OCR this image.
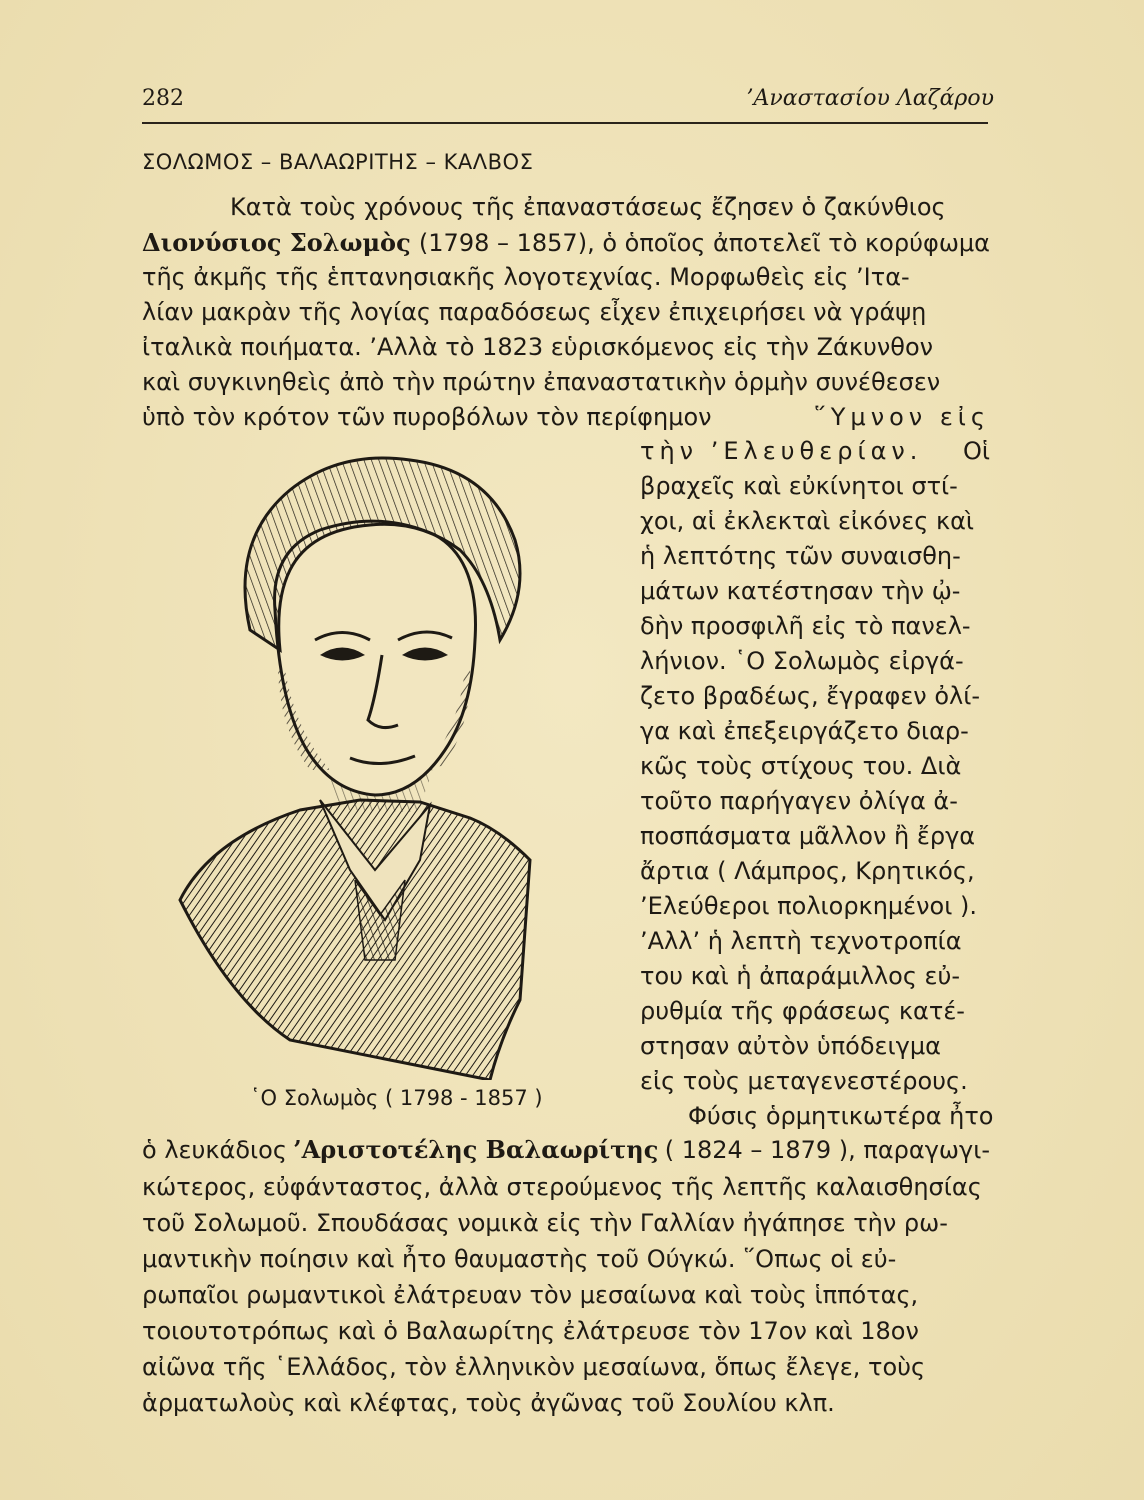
282	’Αναστασίου Λαζάρου
ΣΟΛΩΜΟΣ – ΒΑΛΑΩΡΙΤΗΣ – ΚΑΛΒΟΣ
Κατὰ τοὺς χρόνους τῆς ἐπαναστάσεως ἔζησεν ὁ ζακύνθιος
Διονύσιος Σολωμὸς (1798 – 1857), ὁ ὁποῖος ἀποτελεῖ τὸ κορύφωμα
τῆς ἀκμῆς τῆς ἑπτανησιακῆς λογοτεχνίας. Μορφωθεὶς εἰς ’Ιτα-
λίαν μακρὰν τῆς λογίας παραδόσεως εἶχεν ἐπιχειρήσει νὰ γράψῃ
ἰταλικὰ ποιήματα. ’Αλλὰ τὸ 1823 εὑρισκόμενος εἰς τὴν Ζάκυνθον
καὶ συγκινηθεὶς ἀπὸ τὴν πρώτην ἐπαναστατικὴν ὁρμὴν συνέθεσεν
ὑπὸ τὸν κρότον τῶν πυροβόλων τὸν περίφημον	῞Υμνον εἰς
τὴν ’Ελευθερίαν. Οἱ
βραχεῖς καὶ εὐκίνητοι στί-
χοι, αἱ ἐκλεκταὶ εἰκόνες καὶ
ἡ λεπτότης τῶν συναισθη-
μάτων κατέστησαν τὴν ᾠ-
δὴν προσφιλῆ εἰς τὸ πανελ-
λήνιον. ῾Ο Σολωμὸς εἰργά-
ζετο βραδέως, ἔγραφεν ὀλί-
γα καὶ ἐπεξειργάζετο διαρ-
κῶς τοὺς στίχους του. Διὰ
τοῦτο παρήγαγεν ὀλίγα ἀ-
ποσπάσματα μᾶλλον ἢ ἔργα
ἄρτια ( Λάμπρος, Κρητικός,
’Ελεύθεροι πολιορκημένοι ).
’Αλλ’ ἡ λεπτὴ τεχνοτροπία
του καὶ ἡ ἀπαράμιλλος εὐ-
ρυθμία τῆς φράσεως κατέ-
στησαν αὐτὸν ὑπόδειγμα
εἰς τοὺς μεταγενεστέρους.
Φύσις ὁρμητικωτέρα ἦτο
῾Ο Σολωμὸς ( 1798 - 1857 )
ὁ λευκάδιος ’Αριστοτέλης Βαλαωρίτης ( 1824 – 1879 ), παραγωγι-
κώτερος, εὐφάνταστος, ἀλλὰ στερούμενος τῆς λεπτῆς καλαισθησίας
τοῦ Σολωμοῦ. Σπουδάσας νομικὰ εἰς τὴν Γαλλίαν ἠγάπησε τὴν ρω-
μαντικὴν ποίησιν καὶ ἦτο θαυμαστὴς τοῦ Ούγκώ. ῞Οπως οἱ εὐ-
ρωπαῖοι ρωμαντικοὶ ἐλάτρευαν τὸν μεσαίωνα καὶ τοὺς ἱππότας,
τοιουτοτρόπως καὶ ὁ Βαλαωρίτης ἐλάτρευσε τὸν 17ον καὶ 18ον
αἰῶνα τῆς ῾Ελλάδος, τὸν ἑλληνικὸν μεσαίωνα, ὅπως ἔλεγε, τοὺς
ἁρματωλοὺς καὶ κλέφτας, τοὺς ἀγῶνας τοῦ Σουλίου κλπ.
